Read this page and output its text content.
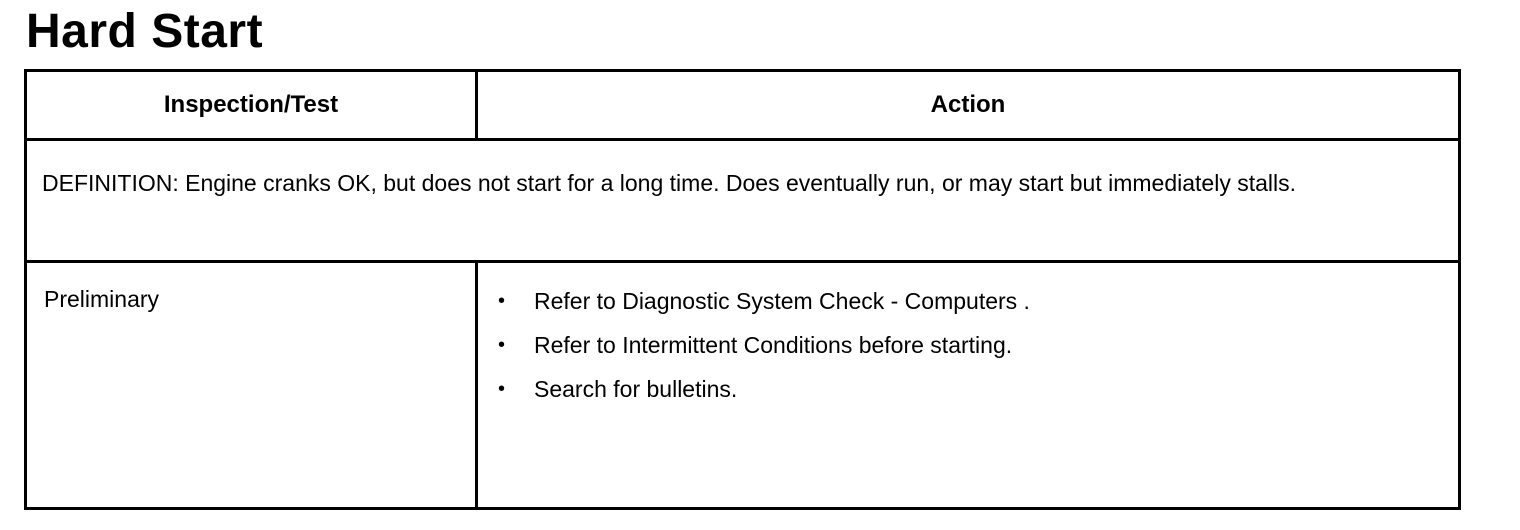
Hard Start
Inspection/Test	Action
DEFINITION: Engine cranks OK, but does not start for a long time. Does eventually run, or may start but immediately stalls.
Preliminary	• Refer to Diagnostic System Check - Computers .
• Refer to Intermittent Conditions before starting.
• Search for bulletins.
